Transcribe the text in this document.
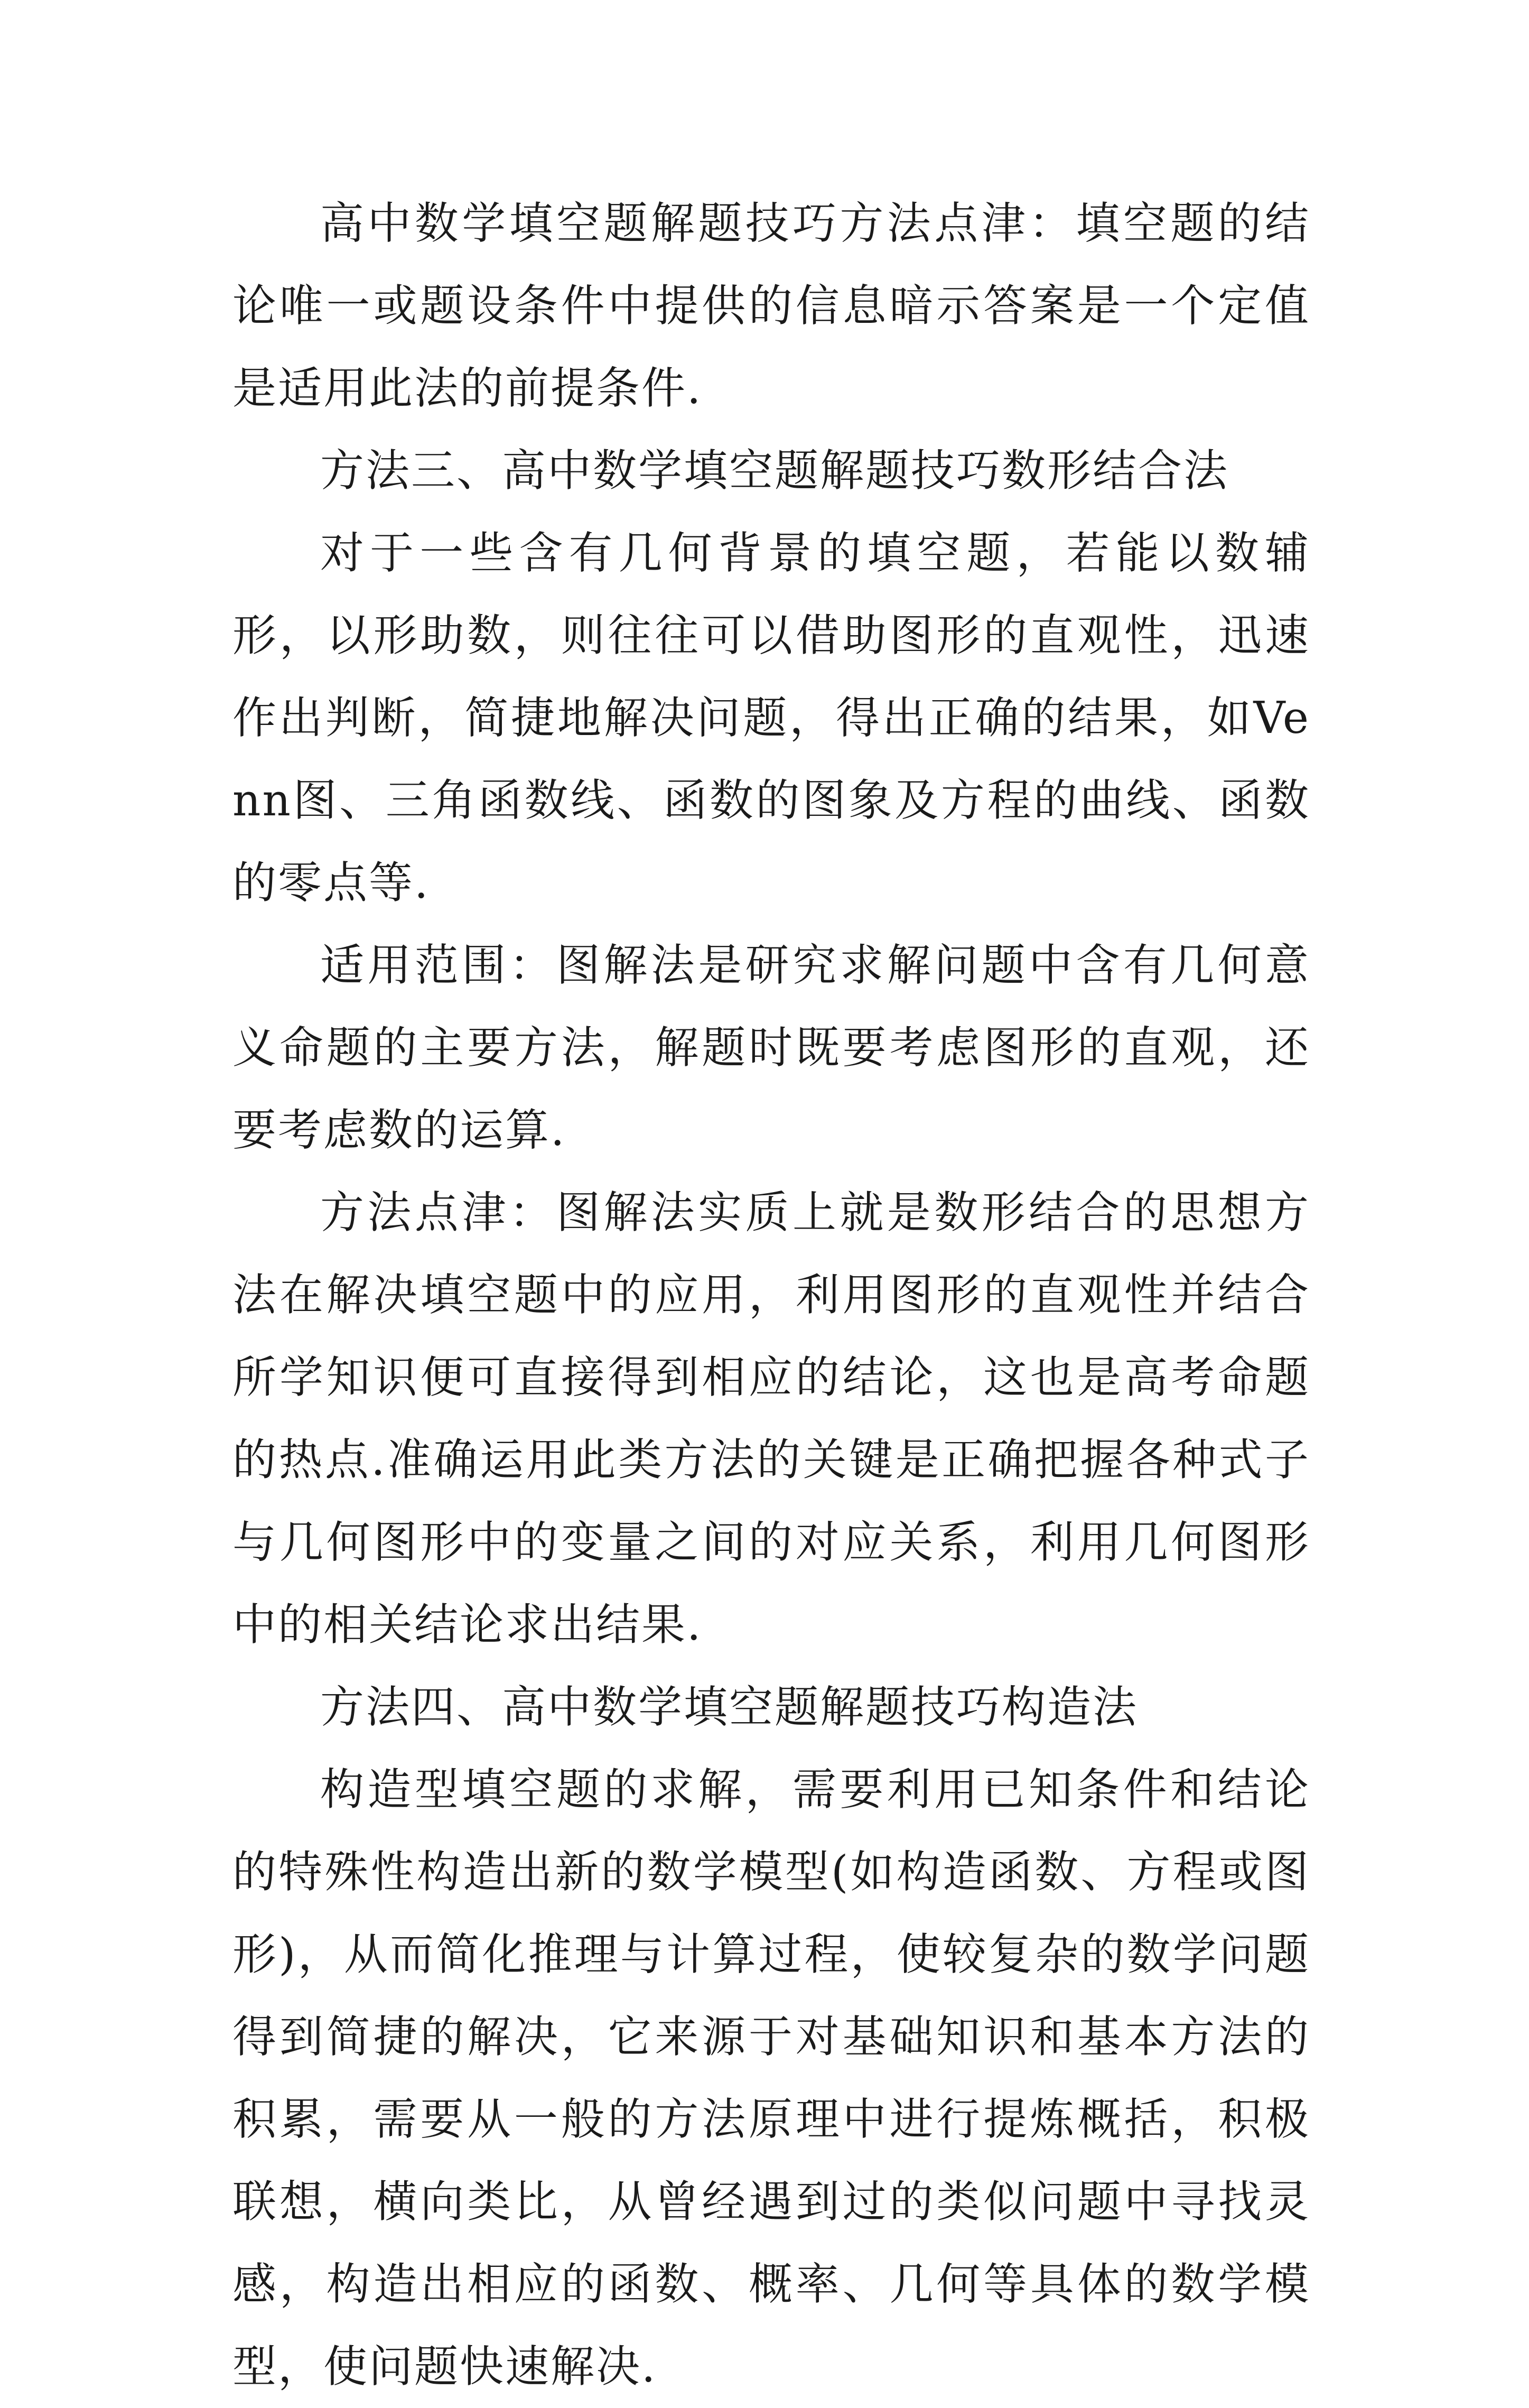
高中数学填空题解题技巧方法点津：填空题的结论唯一或题设条件中提供的信息暗示答案是一个定值是适用此法的前提条件.

方法三、高中数学填空题解题技巧数形结合法

对于一些含有几何背景的填空题，若能以数辅形，以形助数，则往往可以借助图形的直观性，迅速作出判断，简捷地解决问题，得出正确的结果，如Venn图、三角函数线、函数的图象及方程的曲线、函数的零点等.

适用范围：图解法是研究求解问题中含有几何意义命题的主要方法，解题时既要考虑图形的直观，还要考虑数的运算.

方法点津：图解法实质上就是数形结合的思想方法在解决填空题中的应用，利用图形的直观性并结合所学知识便可直接得到相应的结论，这也是高考命题的热点.准确运用此类方法的关键是正确把握各种式子与几何图形中的变量之间的对应关系，利用几何图形中的相关结论求出结果.

方法四、高中数学填空题解题技巧构造法

构造型填空题的求解，需要利用已知条件和结论的特殊性构造出新的数学模型(如构造函数、方程或图形)，从而简化推理与计算过程，使较复杂的数学问题得到简捷的解决，它来源于对基础知识和基本方法的积累，需要从一般的方法原理中进行提炼概括，积极联想，横向类比，从曾经遇到过的类似问题中寻找灵感，构造出相应的函数、概率、几何等具体的数学模型，使问题快速解决.
